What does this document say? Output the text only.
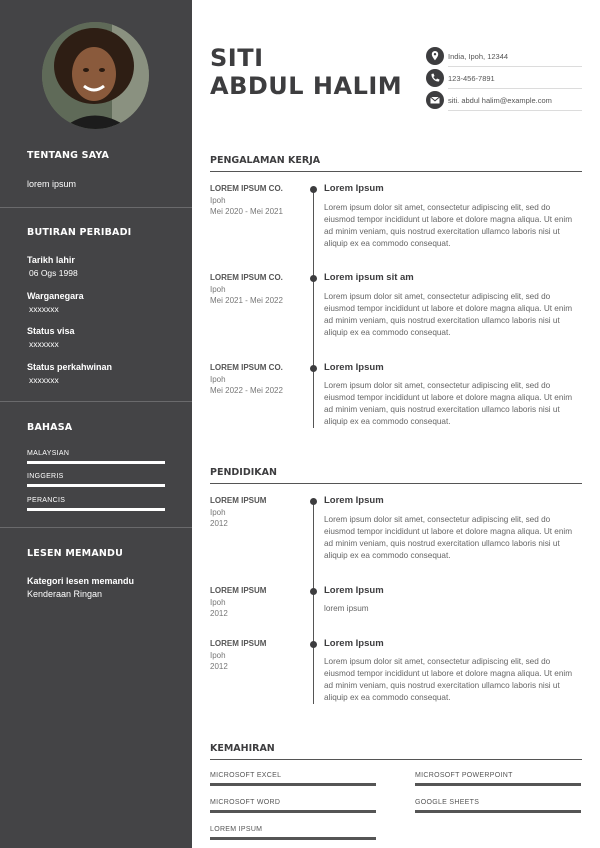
TENTANG SAYA
lorem ipsum
BUTIRAN PERIBADI
Tarikh lahir
06 Ogs 1998
Warganegara
xxxxxxx
Status visa
xxxxxxx
Status perkahwinan
xxxxxxx
BAHASA
MALAYSIAN
INGGERIS
PERANCIS
LESEN MEMANDU
Kategori lesen memandu
Kenderaan Ringan
SITI
ABDUL HALIM
India, Ipoh, 12344
123-456-7891
siti. abdul halim@example.com
PENGALAMAN KERJA
LOREM IPSUM CO.
Ipoh
Mei 2020 - Mei 2021
Lorem Ipsum
Lorem ipsum dolor sit amet, consectetur adipiscing elit, sed do eiusmod tempor incididunt ut labore et dolore magna aliqua. Ut enim ad minim veniam, quis nostrud exercitation ullamco laboris nisi ut aliquip ex ea commodo consequat.
LOREM IPSUM CO.
Ipoh
Mei 2021 - Mei 2022
Lorem ipsum sit am
Lorem ipsum dolor sit amet, consectetur adipiscing elit, sed do eiusmod tempor incididunt ut labore et dolore magna aliqua. Ut enim ad minim veniam, quis nostrud exercitation ullamco laboris nisi ut aliquip ex ea commodo consequat.
LOREM IPSUM CO.
Ipoh
Mei 2022 - Mei 2022
Lorem Ipsum
Lorem ipsum dolor sit amet, consectetur adipiscing elit, sed do eiusmod tempor incididunt ut labore et dolore magna aliqua. Ut enim ad minim veniam, quis nostrud exercitation ullamco laboris nisi ut aliquip ex ea commodo consequat.
PENDIDIKAN
LOREM IPSUM
Ipoh
2012
Lorem Ipsum
Lorem ipsum dolor sit amet, consectetur adipiscing elit, sed do eiusmod tempor incididunt ut labore et dolore magna aliqua. Ut enim ad minim veniam, quis nostrud exercitation ullamco laboris nisi ut aliquip ex ea commodo consequat.
LOREM IPSUM
Ipoh
2012
Lorem Ipsum
lorem ipsum
LOREM IPSUM
Ipoh
2012
Lorem Ipsum
Lorem ipsum dolor sit amet, consectetur adipiscing elit, sed do eiusmod tempor incididunt ut labore et dolore magna aliqua. Ut enim ad minim veniam, quis nostrud exercitation ullamco laboris nisi ut aliquip ex ea commodo consequat.
KEMAHIRAN
MICROSOFT EXCEL	MICROSOFT POWERPOINT
MICROSOFT WORD	GOOGLE SHEETS
LOREM IPSUM
